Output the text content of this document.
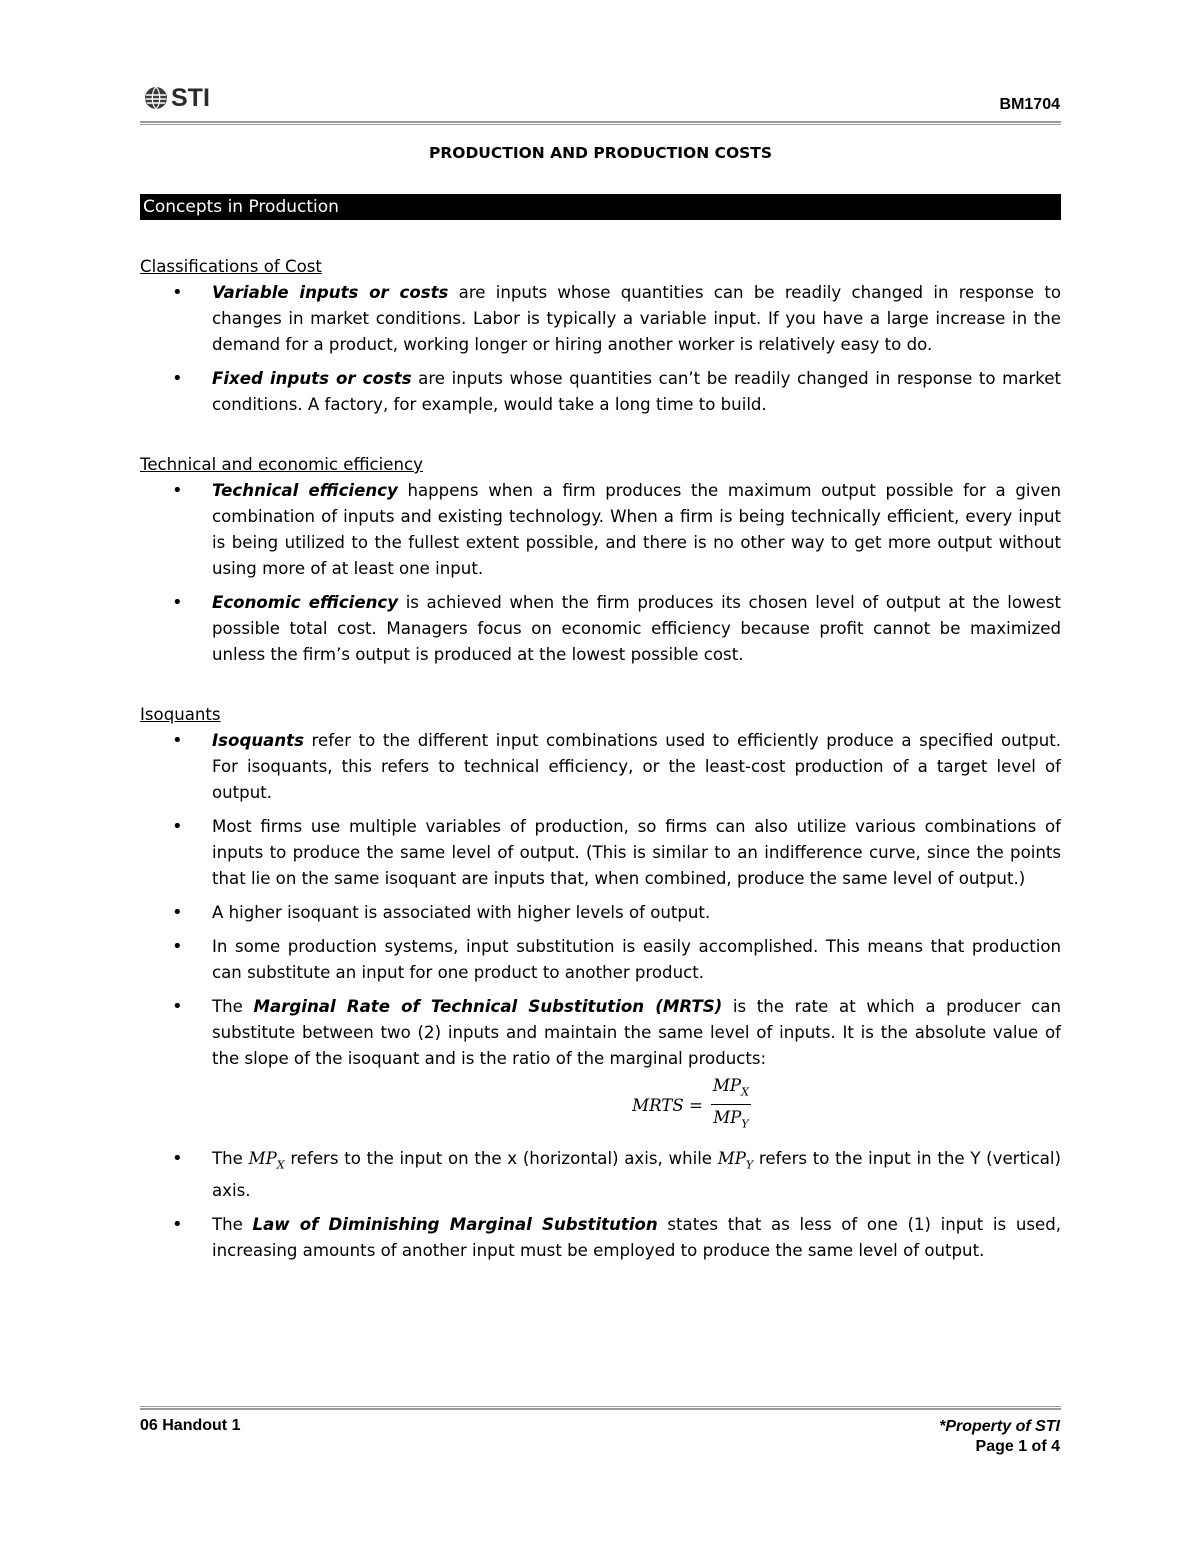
STI	BM1704
PRODUCTION AND PRODUCTION COSTS
Concepts in Production

Classifications of Cost

• Variable inputs or costs are inputs whose quantities can be readily changed in response to changes in market conditions. Labor is typically a variable input. If you have a large increase in the demand for a product, working longer or hiring another worker is relatively easy to do.
• Fixed inputs or costs are inputs whose quantities can’t be readily changed in response to market conditions. A factory, for example, would take a long time to build.

Technical and economic efficiency

• Technical efficiency happens when a firm produces the maximum output possible for a given combination of inputs and existing technology. When a firm is being technically efficient, every input is being utilized to the fullest extent possible, and there is no other way to get more output without using more of at least one input.
• Economic efficiency is achieved when the firm produces its chosen level of output at the lowest possible total cost. Managers focus on economic efficiency because profit cannot be maximized unless the firm’s output is produced at the lowest possible cost.

Isoquants

• Isoquants refer to the different input combinations used to efficiently produce a specified output. For isoquants, this refers to technical efficiency, or the least-cost production of a target level of output.
• Most firms use multiple variables of production, so firms can also utilize various combinations of inputs to produce the same level of output. (This is similar to an indifference curve, since the points that lie on the same isoquant are inputs that, when combined, produce the same level of output.)
• A higher isoquant is associated with higher levels of output.
• In some production systems, input substitution is easily accomplished. This means that production can substitute an input for one product to another product.
• The Marginal Rate of Technical Substitution (MRTS) is the rate at which a producer can substitute between two (2) inputs and maintain the same level of inputs. It is the absolute value of the slope of the isoquant and is the ratio of the marginal products:
MRTS = $\frac{MP_X}{MP_Y}$
• The $MP_X$ refers to the input on the x (horizontal) axis, while $MP_Y$ refers to the input in the Y (vertical) axis.
• The Law of Diminishing Marginal Substitution states that as less of one (1) input is used, increasing amounts of another input must be employed to produce the same level of output.
06 Handout 1	*Property of STI
Page 1 of 4
